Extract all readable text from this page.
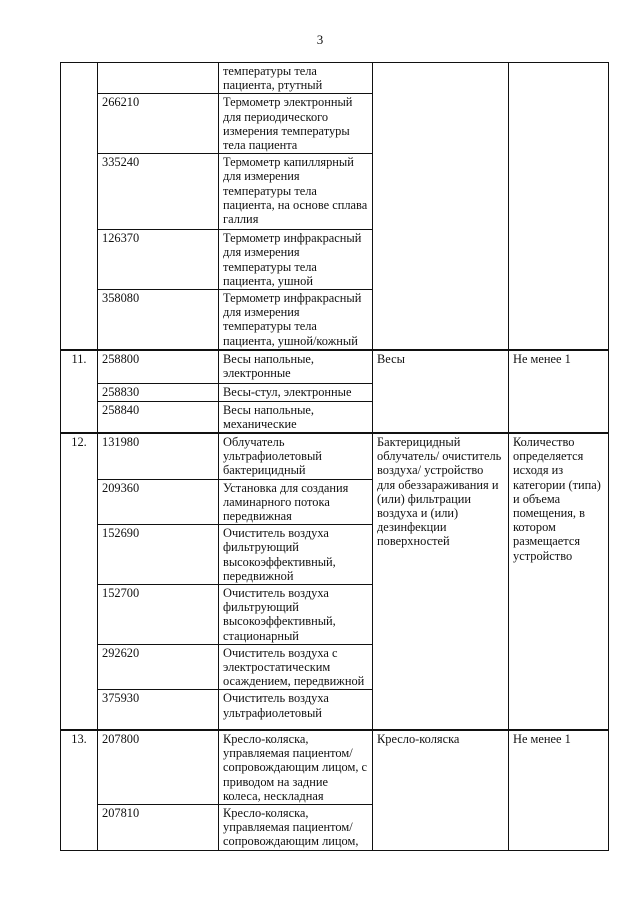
3
		температуры тела пациента, ртутный		
	266210	Термометр электронный для периодического измерения температуры тела пациента		
	335240	Термометр капиллярный для измерения температуры тела пациента, на основе сплава галлия		
	126370	Термометр инфракрасный для измерения температуры тела пациента, ушной		
	358080	Термометр инфракрасный для измерения температуры тела пациента, ушной/кожный		
11.	258800	Весы напольные, электронные	Весы	Не менее 1
	258830	Весы-стул, электронные		
	258840	Весы напольные, механические		
12.	131980	Облучатель ультрафиолетовый бактерицидный	Бактерицидный облучатель/ очиститель воздуха/ устройство для обеззараживания и (или) фильтрации воздуха и (или) дезинфекции поверхностей	Количество определяется исходя из категории (типа) и объема помещения, в котором размещается устройство
	209360	Установка для создания ламинарного потока передвижная		
	152690	Очиститель воздуха фильтрующий высокоэффективный, передвижной		
	152700	Очиститель воздуха фильтрующий высокоэффективный, стационарный		
	292620	Очиститель воздуха с электростатическим осаждением, передвижной		
	375930	Очиститель воздуха ультрафиолетовый		
13.	207800	Кресло-коляска, управляемая пациентом/ сопровождающим лицом, с приводом на задние колеса, нескладная	Кресло-коляска	Не менее 1
	207810	Кресло-коляска, управляемая пациентом/ сопровождающим лицом,		
